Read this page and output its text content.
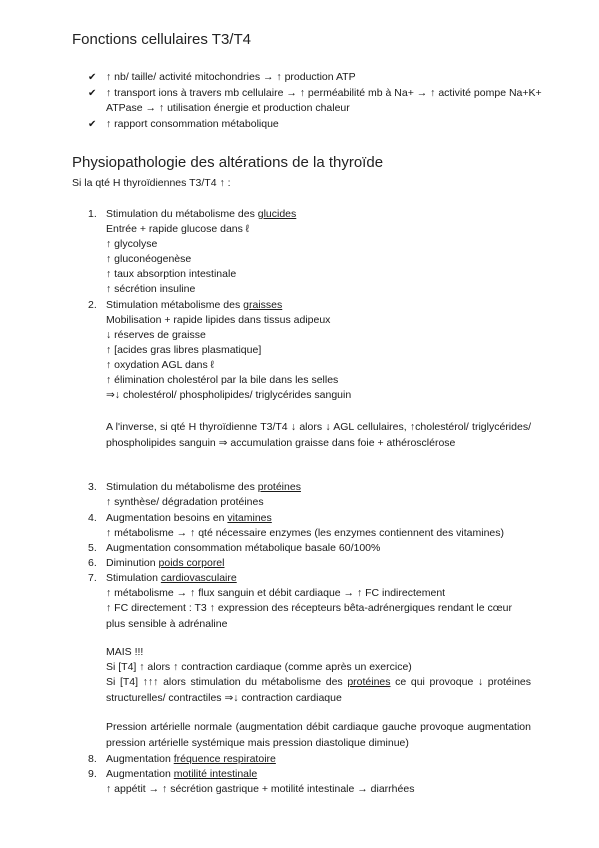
Fonctions cellulaires T3/T4
✔ ↑ nb/ taille/ activité mitochondries → ↑ production ATP
✔ ↑ transport ions à travers mb cellulaire → ↑ perméabilité mb à Na+ → ↑ activité pompe Na+K+ ATPase → ↑ utilisation énergie et production chaleur
✔ ↑ rapport consommation métabolique
Physiopathologie des altérations de la thyroïde
Si la qté H thyroïdiennes T3/T4 ↑ :
1. Stimulation du métabolisme des glucides
Entrée + rapide glucose dans ℓ
↑ glycolyse
↑ gluconéogenèse
↑ taux absorption intestinale
↑ sécrétion insuline
2. Stimulation métabolisme des graisses
Mobilisation + rapide lipides dans tissus adipeux
↓ réserves de graisse
↑ [acides gras libres plasmatique]
↑ oxydation AGL dans ℓ
↑ élimination cholestérol par la bile dans les selles
⇒↓ cholestérol/ phospholipides/ triglycérides sanguin
A l'inverse, si qté H thyroïdienne T3/T4 ↓ alors ↓ AGL cellulaires, ↑cholestérol/ triglycérides/ phospholipides sanguin ⇒ accumulation graisse dans foie + athérosclérose
3. Stimulation du métabolisme des protéines
↑ synthèse/ dégradation protéines
4. Augmentation besoins en vitamines
↑ métabolisme → ↑ qté nécessaire enzymes (les enzymes contiennent des vitamines)
5. Augmentation consommation métabolique basale 60/100%
6. Diminution poids corporel
7. Stimulation cardiovasculaire
↑ métabolisme → ↑ flux sanguin et débit cardiaque → ↑ FC indirectement
↑ FC directement : T3 ↑ expression des récepteurs bêta-adrénergiques rendant le cœur plus sensible à adrénaline
MAIS !!!
Si [T4] ↑ alors ↑ contraction cardiaque (comme après un exercice)
Si [T4] ↑↑↑ alors stimulation du métabolisme des protéines ce qui provoque ↓ protéines structurelles/ contractiles ⇒↓ contraction cardiaque
Pression artérielle normale (augmentation débit cardiaque gauche provoque augmentation pression artérielle systémique mais pression diastolique diminue)
8. Augmentation fréquence respiratoire
9. Augmentation motilité intestinale
↑ appétit → ↑ sécrétion gastrique + motilité intestinale → diarrhées
